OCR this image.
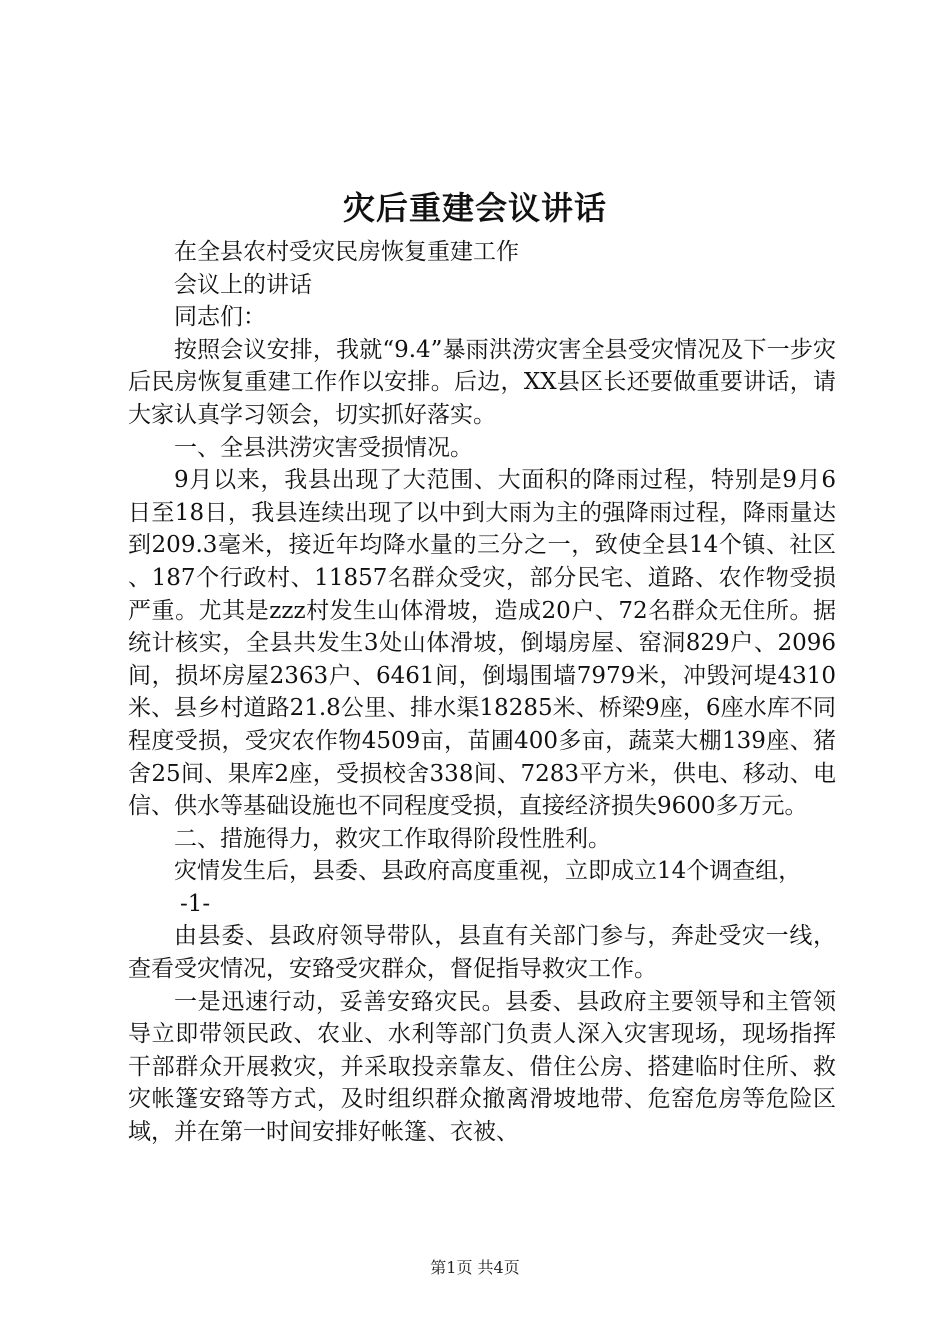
灾后重建会议讲话

在全县农村受灾民房恢复重建工作

会议上的讲话

同志们：

按照会议安排，我就“9.4”暴雨洪涝灾害全县受灾情况及下一步灾后民房恢复重建工作作以安排。后边，XX县区长还要做重要讲话，请大家认真学习领会，切实抓好落实。

一、全县洪涝灾害受损情况。

9月以来，我县出现了大范围、大面积的降雨过程，特别是9月6日至18日，我县连续出现了以中到大雨为主的强降雨过程，降雨量达到209.3毫米，接近年均降水量的三分之一，致使全县14个镇、社区、187个行政村、11857名群众受灾，部分民宅、道路、农作物受损严重。尤其是zzz村发生山体滑坡，造成20户、72名群众无住所。据统计核实，全县共发生3处山体滑坡，倒塌房屋、窑洞829户、2096间，损坏房屋2363户、6461间，倒塌围墙7979米，冲毁河堤4310米、县乡村道路21.8公里、排水渠18285米、桥梁9座，6座水库不同程度受损，受灾农作物4509亩，苗圃400多亩，蔬菜大棚139座、猪舍25间、果库2座，受损校舍338间、7283平方米，供电、移动、电信、供水等基础设施也不同程度受损，直接经济损失9600多万元。

二、措施得力，救灾工作取得阶段性胜利。

灾情发生后，县委、县政府高度重视，立即成立14个调查组，

-1-

由县委、县政府领导带队，县直有关部门参与，奔赴受灾一线，查看受灾情况，安臵受灾群众，督促指导救灾工作。

一是迅速行动，妥善安臵灾民。县委、县政府主要领导和主管领导立即带领民政、农业、水利等部门负责人深入灾害现场，现场指挥干部群众开展救灾，并采取投亲靠友、借住公房、搭建临时住所、救灾帐篷安臵等方式，及时组织群众撤离滑坡地带、危窑危房等危险区域，并在第一时间安排好帐篷、衣被、

第1页 共4页
